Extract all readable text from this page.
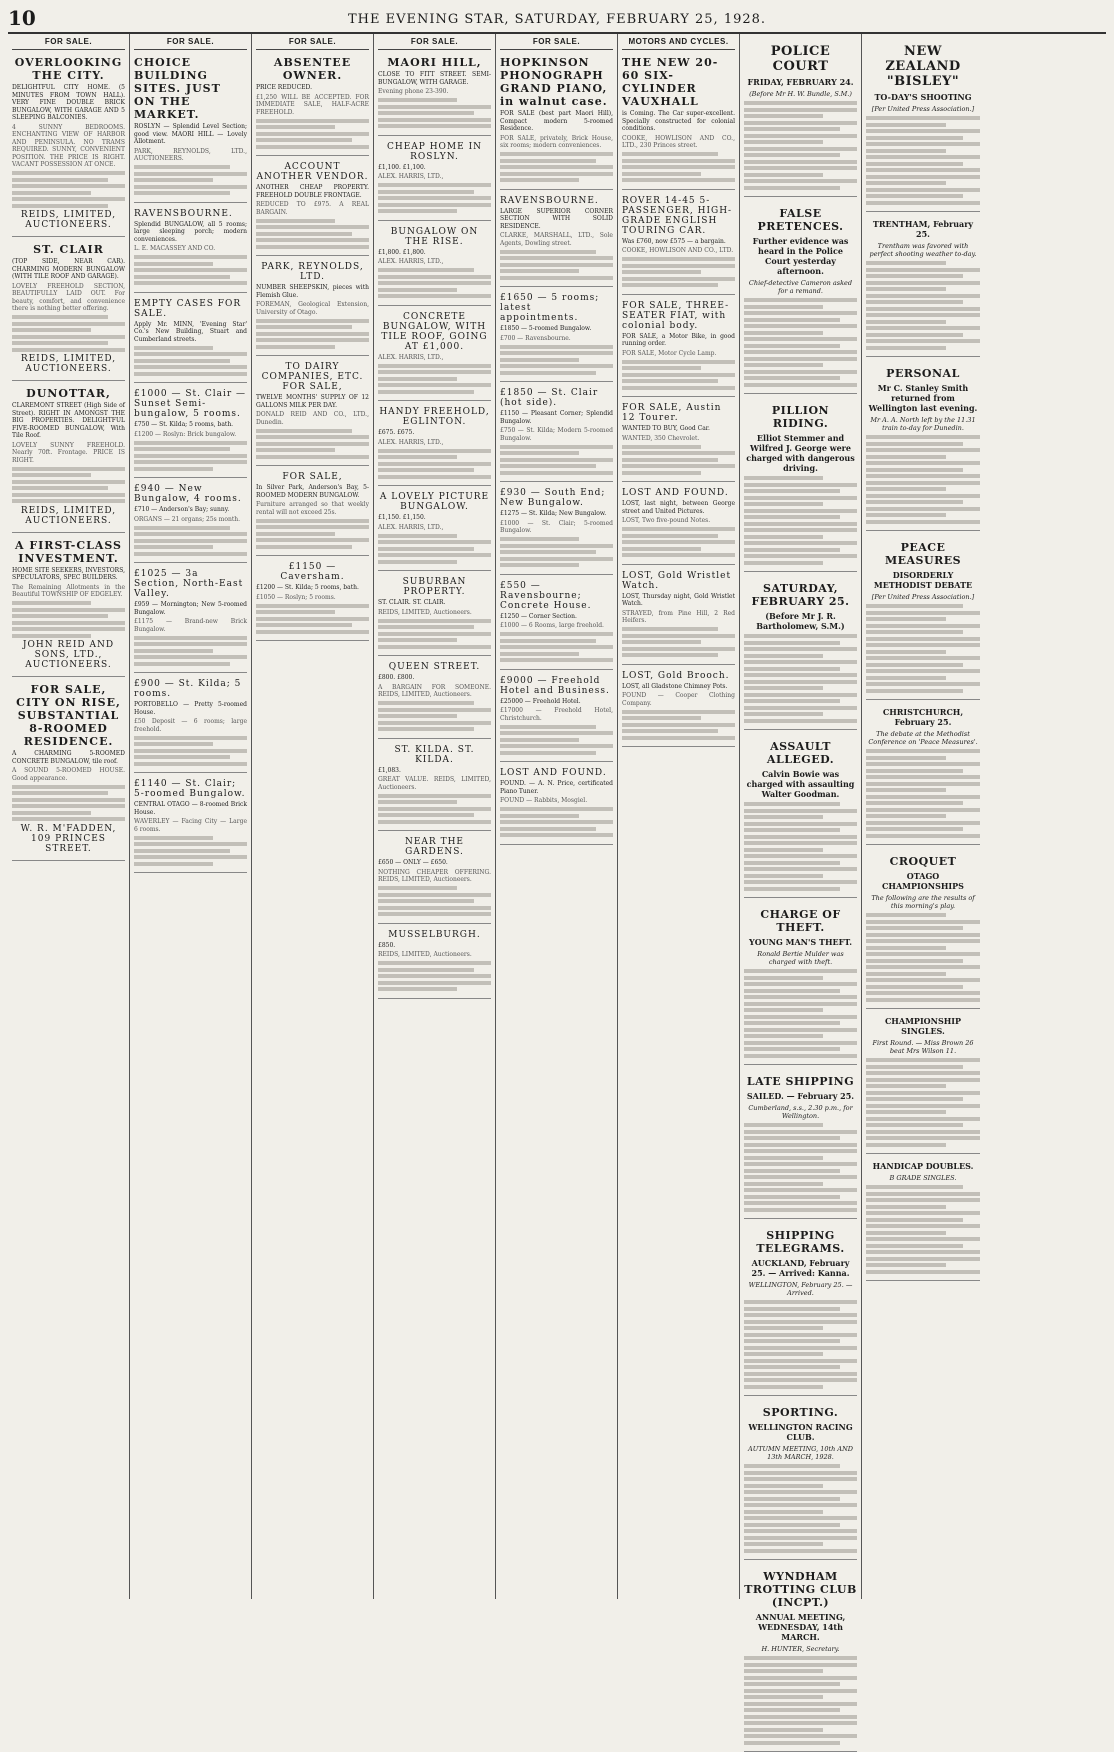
10	THE EVENING STAR, SATURDAY, FEBRUARY 25, 1928.
FOR SALE.
OVERLOOKING THE CITY.
DELIGHTFUL CITY HOME. (5 MINUTES FROM TOWN HALL). VERY FINE DOUBLE BRICK BUNGALOW, WITH GARAGE AND 5 SLEEPING BALCONIES.
4 SUNNY BEDROOMS. ENCHANTING VIEW OF HARBOR AND PENINSULA. NO TRAMS REQUIRED. SUNNY, CONVENIENT POSITION. THE PRICE IS RIGHT. VACANT POSSESSION AT ONCE.
REIDS, LIMITED, AUCTIONEERS.
ST. CLAIR
(TOP SIDE, NEAR CAR). CHARMING MODERN BUNGALOW (WITH TILE ROOF AND GARAGE).
LOVELY FREEHOLD SECTION, BEAUTIFULLY LAID OUT. For beauty, comfort, and convenience there is nothing better offering.
REIDS, LIMITED, AUCTIONEERS.
DUNOTTAR,
CLAREMONT STREET (High Side of Street). RIGHT IN AMONGST THE BIG PROPERTIES. DELIGHTFUL FIVE-ROOMED BUNGALOW, With Tile Roof.
LOVELY SUNNY FREEHOLD. Nearly 70ft. Frontage. PRICE IS RIGHT.
REIDS, LIMITED, AUCTIONEERS.
A FIRST-CLASS INVESTMENT.
HOME SITE SEEKERS, INVESTORS, SPECULATORS, SPEC BUILDERS.
The Remaining Allotments in the Beautiful TOWNSHIP OF EDGELEY.
JOHN REID AND SONS, LTD., AUCTIONEERS.
FOR SALE, CITY ON RISE, SUBSTANTIAL 8-ROOMED RESIDENCE.
A CHARMING 5-ROOMED CONCRETE BUNGALOW, tile roof.
A SOUND 5-ROOMED HOUSE. Good appearance.
W. R. M'FADDEN, 109 PRINCES STREET.
FOR SALE.
CHOICE BUILDING SITES. JUST ON THE MARKET.
ROSLYN — Splendid Level Section; good view. MAORI HILL — Lovely Allotment.
PARK, REYNOLDS, LTD., AUCTIONEERS.
RAVENSBOURNE.
Splendid BUNGALOW, all 5 rooms; large sleeping porch; modern conveniences.
L. E. MACASSEY AND CO.
EMPTY CASES FOR SALE.
Apply Mr. MINN, 'Evening Star' Co.'s New Building, Stuart and Cumberland streets.
£1000 — St. Clair — Sunset Semi-bungalow, 5 rooms.
£750 — St. Kilda; 5 rooms, bath.
£1200 — Roslyn: Brick bungalow.
£940 — New Bungalow, 4 rooms.
£710 — Anderson's Bay; sunny.
ORGANS — 21 organs; 25s month.
£1025 — 3a Section, North-East Valley.
£959 — Mornington; New 5-roomed Bungalow.
£1175 — Brand-new Brick Bungalow.
£900 — St. Kilda; 5 rooms.
PORTOBELLO — Pretty 5-roomed House.
£50 Deposit — 6 rooms; large freehold.
£1140 — St. Clair; 5-roomed Bungalow.
CENTRAL OTAGO — 8-roomed Brick House.
WAVERLEY — Facing City — Large 6 rooms.
FOR SALE.
ABSENTEE OWNER.
PRICE REDUCED.
£1,250 WILL BE ACCEPTED. FOR IMMEDIATE SALE, HALF-ACRE FREEHOLD.
ACCOUNT ANOTHER VENDOR.
ANOTHER CHEAP PROPERTY. FREEHOLD DOUBLE FRONTAGE.
REDUCED TO £975. A REAL BARGAIN.
PARK, REYNOLDS, LTD.
NUMBER SHEEPSKIN, pieces with Flemish Glue.
FOREMAN, Geological Extension, University of Otago.
TO DAIRY COMPANIES, ETC. FOR SALE,
TWELVE MONTHS' SUPPLY OF 12 GALLONS MILK PER DAY.
DONALD REID AND CO., LTD., Dunedin.
FOR SALE,
In Silver Park, Anderson's Bay, 5-ROOMED MODERN BUNGALOW.
Furniture arranged so that weekly rental will not exceed 25s.
£1150 — Caversham.
£1200 — St. Kilda; 5 rooms, bath.
£1050 — Roslyn; 5 rooms.
FOR SALE.
MAORI HILL,
CLOSE TO FITT STREET. SEMI-BUNGALOW, WITH GARAGE.
Evening phone 23-390.
CHEAP HOME IN ROSLYN.
£1,100. £1,100.
ALEX. HARRIS, LTD.,
BUNGALOW ON THE RISE.
£1,800. £1,800.
ALEX. HARRIS, LTD.,
CONCRETE BUNGALOW, WITH TILE ROOF, GOING AT £1,000.
ALEX. HARRIS, LTD.,
HANDY FREEHOLD, EGLINTON.
£675. £675.
ALEX. HARRIS, LTD.,
A LOVELY PICTURE BUNGALOW.
£1,150. £1,150.
ALEX. HARRIS, LTD.,
SUBURBAN PROPERTY.
ST. CLAIR. ST. CLAIR.
REIDS, LIMITED, Auctioneers.
QUEEN STREET.
£800. £800.
A BARGAIN FOR SOMEONE. REIDS, LIMITED, Auctioneers.
ST. KILDA. ST. KILDA.
£1,083.
GREAT VALUE. REIDS, LIMITED, Auctioneers.
NEAR THE GARDENS.
£650 — ONLY — £650.
NOTHING CHEAPER OFFERING. REIDS, LIMITED, Auctioneers.
MUSSELBURGH.
£850.
REIDS, LIMITED, Auctioneers.
FOR SALE.
HOPKINSON PHONOGRAPH GRAND PIANO, in walnut case.
FOR SALE (best part Maori Hill), Compact modern 5-roomed Residence.
FOR SALE, privately, Brick House, six rooms; modern conveniences.
RAVENSBOURNE.
LARGE SUPERIOR CORNER SECTION WITH SOLID RESIDENCE.
CLARKE, MARSHALL, LTD., Sole Agents, Dowling street.
£1650 — 5 rooms; latest appointments.
£1850 — 5-roomed Bungalow.
£700 — Ravensbourne.
£1850 — St. Clair (hot side).
£1150 — Pleasant Corner; Splendid Bungalow.
£750 — St. Kilda; Modern 5-roomed Bungalow.
£930 — South End; New Bungalow.
£1275 — St. Kilda; New Bungalow.
£1000 — St. Clair; 5-roomed Bungalow.
£550 — Ravensbourne; Concrete House.
£1250 — Corner Section.
£1000 — 6 Rooms, large freehold.
£9000 — Freehold Hotel and Business.
£25000 — Freehold Hotel.
£17000 — Freehold Hotel, Christchurch.
LOST AND FOUND.
FOUND. — A. N. Price, certificated Piano Tuner.
FOUND — Rabbits, Mosgiel.
MOTORS AND CYCLES.
THE NEW 20-60 SIX-CYLINDER VAUXHALL
is Coming. The Car super-excellent. Specially constructed for colonial conditions.
COOKE, HOWLISON AND CO., LTD., 230 Princes street.
ROVER 14-45 5-PASSENGER, HIGH-GRADE ENGLISH TOURING CAR.
Was £760, now £575 — a bargain.
COOKE, HOWLISON AND CO., LTD.
FOR SALE, THREE-SEATER FIAT, with colonial body.
FOR SALE, a Motor Bike, in good running order.
FOR SALE, Motor Cycle Lamp.
FOR SALE, Austin 12 Tourer.
WANTED TO BUY, Good Car.
WANTED, 350 Chevrolet.
LOST AND FOUND.
LOST, last night, between George street and United Pictures.
LOST, Two five-pound Notes.
LOST, Gold Wristlet Watch.
LOST, Thursday night, Gold Wristlet Watch.
STRAYED, from Pine Hill, 2 Red Heifers.
LOST, Gold Brooch.
LOST, all Gladstone Chimney Pots.
FOUND — Cooper Clothing Company.
POLICE COURT
FRIDAY, FEBRUARY 24.
(Before Mr H. W. Bundle, S.M.)
FALSE PRETENCES.
Further evidence was heard in the Police Court yesterday afternoon.
Chief-detective Cameron asked for a remand.
PILLION RIDING.
Elliot Stemmer and Wilfred J. George were charged with dangerous driving.
SATURDAY, FEBRUARY 25.
(Before Mr J. R. Bartholomew, S.M.)
ASSAULT ALLEGED.
Calvin Bowie was charged with assaulting Walter Goodman.
CHARGE OF THEFT.
YOUNG MAN'S THEFT.
Ronald Bertie Mulder was charged with theft.
LATE SHIPPING
SAILED. — February 25.
Cumberland, s.s., 2.30 p.m., for Wellington.
SHIPPING TELEGRAMS.
AUCKLAND, February 25. — Arrived: Kanna.
WELLINGTON, February 25. — Arrived.
SPORTING.
WELLINGTON RACING CLUB.
AUTUMN MEETING, 10th AND 13th MARCH, 1928.
WYNDHAM TROTTING CLUB (INCPT.)
ANNUAL MEETING, WEDNESDAY, 14th MARCH.
H. HUNTER, Secretary.
NEW ZEALAND "BISLEY"
TO-DAY'S SHOOTING
[Per United Press Association.]
TRENTHAM, February 25.
Trentham was favored with perfect shooting weather to-day.
PERSONAL
Mr C. Stanley Smith returned from Wellington last evening.
Mr A. A. North left by the 11.31 train to-day for Dunedin.
PEACE MEASURES
DISORDERLY METHODIST DEBATE
[Per United Press Association.]
CHRISTCHURCH, February 25.
The debate at the Methodist Conference on 'Peace Measures'.
CROQUET
OTAGO CHAMPIONSHIPS
The following are the results of this morning's play.
CHAMPIONSHIP SINGLES.
First Round. — Miss Brown 26 beat Mrs Wilson 11.
HANDICAP DOUBLES.
B GRADE SINGLES.
